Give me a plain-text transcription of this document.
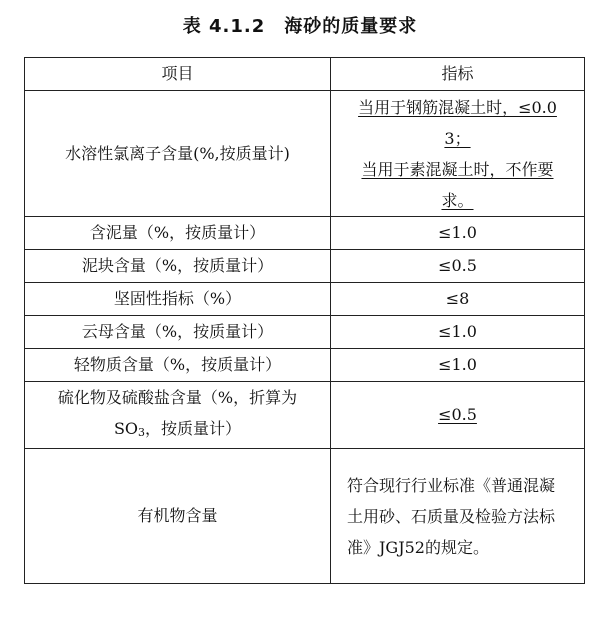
表 4.1.2　海砂的质量要求
项目	指标
水溶性氯离子含量(%,按质量计)	当用于钢筋混凝土时，≤0.0
3；
当用于素混凝土时，不作要
求。

含泥量（%，按质量计）	≤1.0
泥块含量（%，按质量计）	≤0.5
坚固性指标（%）	≤8
云母含量（%，按质量计）	≤1.0
轻物质含量（%，按质量计）	≤1.0

硫化物及硫酸盐含量（%，折算为
SO3，按质量计）	≤0.5
有机物含量	符合现行行业标准《普通混凝土用砂、石质量及检验方法标准》JGJ52的规定。
